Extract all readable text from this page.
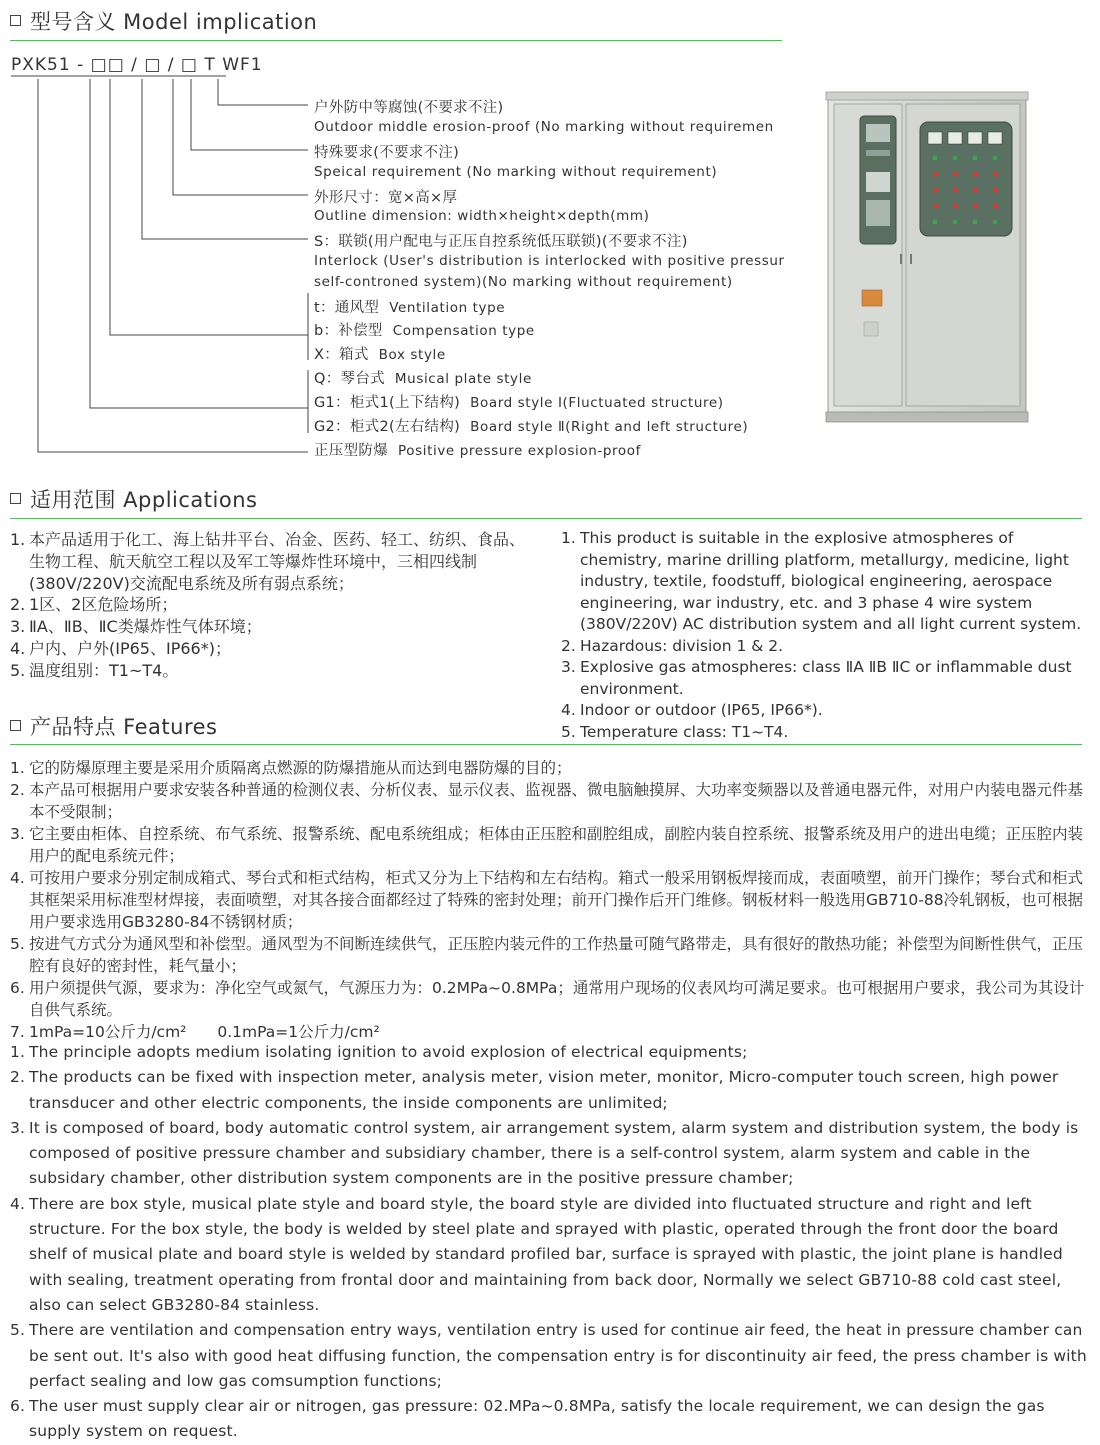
型号含义 Model implication
PXK51 - □□ / □ / □ T WF1
户外防中等腐蚀(不要求不注)
Outdoor middle erosion-proof (No marking without requiremen
特殊要求(不要求不注)
Speical requirement (No marking without requirement)
外形尺寸：宽×高×厚
Outline dimension: width×height×depth(mm)
S：联锁(用户配电与正压自控系统低压联锁)(不要求不注)
Interlock (User's distribution is interlocked with positive pressur
self-controned system)(No marking without requirement)
t：通风型 Ventilation type
b：补偿型 Compensation type
X：箱式 Box style
Q：琴台式 Musical plate style
G1：柜式1(上下结构) Board style Ⅰ(Fluctuated structure)
G2：柜式2(左右结构) Board style Ⅱ(Right and left structure)
正压型防爆 Positive pressure explosion-proof
适用范围 Applications
1. 本产品适用于化工、海上钻井平台、冶金、医药、轻工、纺织、食品、生物工程、航天航空工程以及军工等爆炸性环境中，三相四线制(380V/220V)交流配电系统及所有弱点系统；
2. 1区、2区危险场所；
3. ⅡA、ⅡB、ⅡC类爆炸性气体环境；
4. 户内、户外(IP65、IP66*)；
5. 温度组别：T1~T4。
1. This product is suitable in the explosive atmospheres of chemistry, marine drilling platform, metallurgy, medicine, light industry, textile, foodstuff, biological engineering, aerospace engineering, war industry, etc. and 3 phase 4 wire system (380V/220V) AC distribution system and all light current system.
2. Hazardous: division 1 & 2.
3. Explosive gas atmospheres: class ⅡA ⅡB ⅡC or inflammable dust environment.
4. Indoor or outdoor (IP65, IP66*).
5. Temperature class: T1~T4.
产品特点 Features
1. 它的防爆原理主要是采用介质隔离点燃源的防爆措施从而达到电器防爆的目的；
2. 本产品可根据用户要求安装各种普通的检测仪表、分析仪表、显示仪表、监视器、微电脑触摸屏、大功率变频器以及普通电器元件，对用户内装电器元件基本不受限制；
3. 它主要由柜体、自控系统、布气系统、报警系统、配电系统组成；柜体由正压腔和副腔组成，副腔内装自控系统、报警系统及用户的进出电缆；正压腔内装用户的配电系统元件；
4. 可按用户要求分别定制成箱式、琴台式和柜式结构，柜式又分为上下结构和左右结构。箱式一般采用钢板焊接而成，表面喷塑，前开门操作；琴台式和柜式其框架采用标准型材焊接，表面喷塑，对其各接合面都经过了特殊的密封处理；前开门操作后开门维修。钢板材料一般选用GB710-88冷轧钢板，也可根据用户要求选用GB3280-84不锈钢材质；
5. 按进气方式分为通风型和补偿型。通风型为不间断连续供气，正压腔内装元件的工作热量可随气路带走，具有很好的散热功能；补偿型为间断性供气，正压腔有良好的密封性，耗气量小；
6. 用户须提供气源，要求为：净化空气或氮气，气源压力为：0.2MPa~0.8MPa；通常用户现场的仪表风均可满足要求。也可根据用户要求，我公司为其设计自供气系统。
7. 1mPa=10公斤力/cm²　　0.1mPa=1公斤力/cm²
1. The principle adopts medium isolating ignition to avoid explosion of electrical equipments;
2. The products can be fixed with inspection meter, analysis meter, vision meter, monitor, Micro-computer touch screen, high power transducer and other electric components, the inside components are unlimited;
3. It is composed of board, body automatic control system, air arrangement system, alarm system and distribution system, the body is composed of positive pressure chamber and subsidiary chamber, there is a self-control system, alarm system and cable in the subsidary chamber, other distribution system components are in the positive pressure chamber;
4. There are box style, musical plate style and board style, the board style are divided into fluctuated structure and right and left structure. For the box style, the body is welded by steel plate and sprayed with plastic, operated through the front door the board shelf of musical plate and board style is welded by standard profiled bar, surface is sprayed with plastic, the joint plane is handled with sealing, treatment operating from frontal door and maintaining from back door, Normally we select GB710-88 cold cast steel, also can select GB3280-84 stainless.
5. There are ventilation and compensation entry ways, ventilation entry is used for continue air feed, the heat in pressure chamber can be sent out. It's also with good heat diffusing function, the compensation entry is for discontinuity air feed, the press chamber is with perfact sealing and low gas comsumption functions;
6. The user must supply clear air or nitrogen, gas pressure: 02.MPa~0.8MPa, satisfy the locale requirement, we can design the gas supply system on request.
